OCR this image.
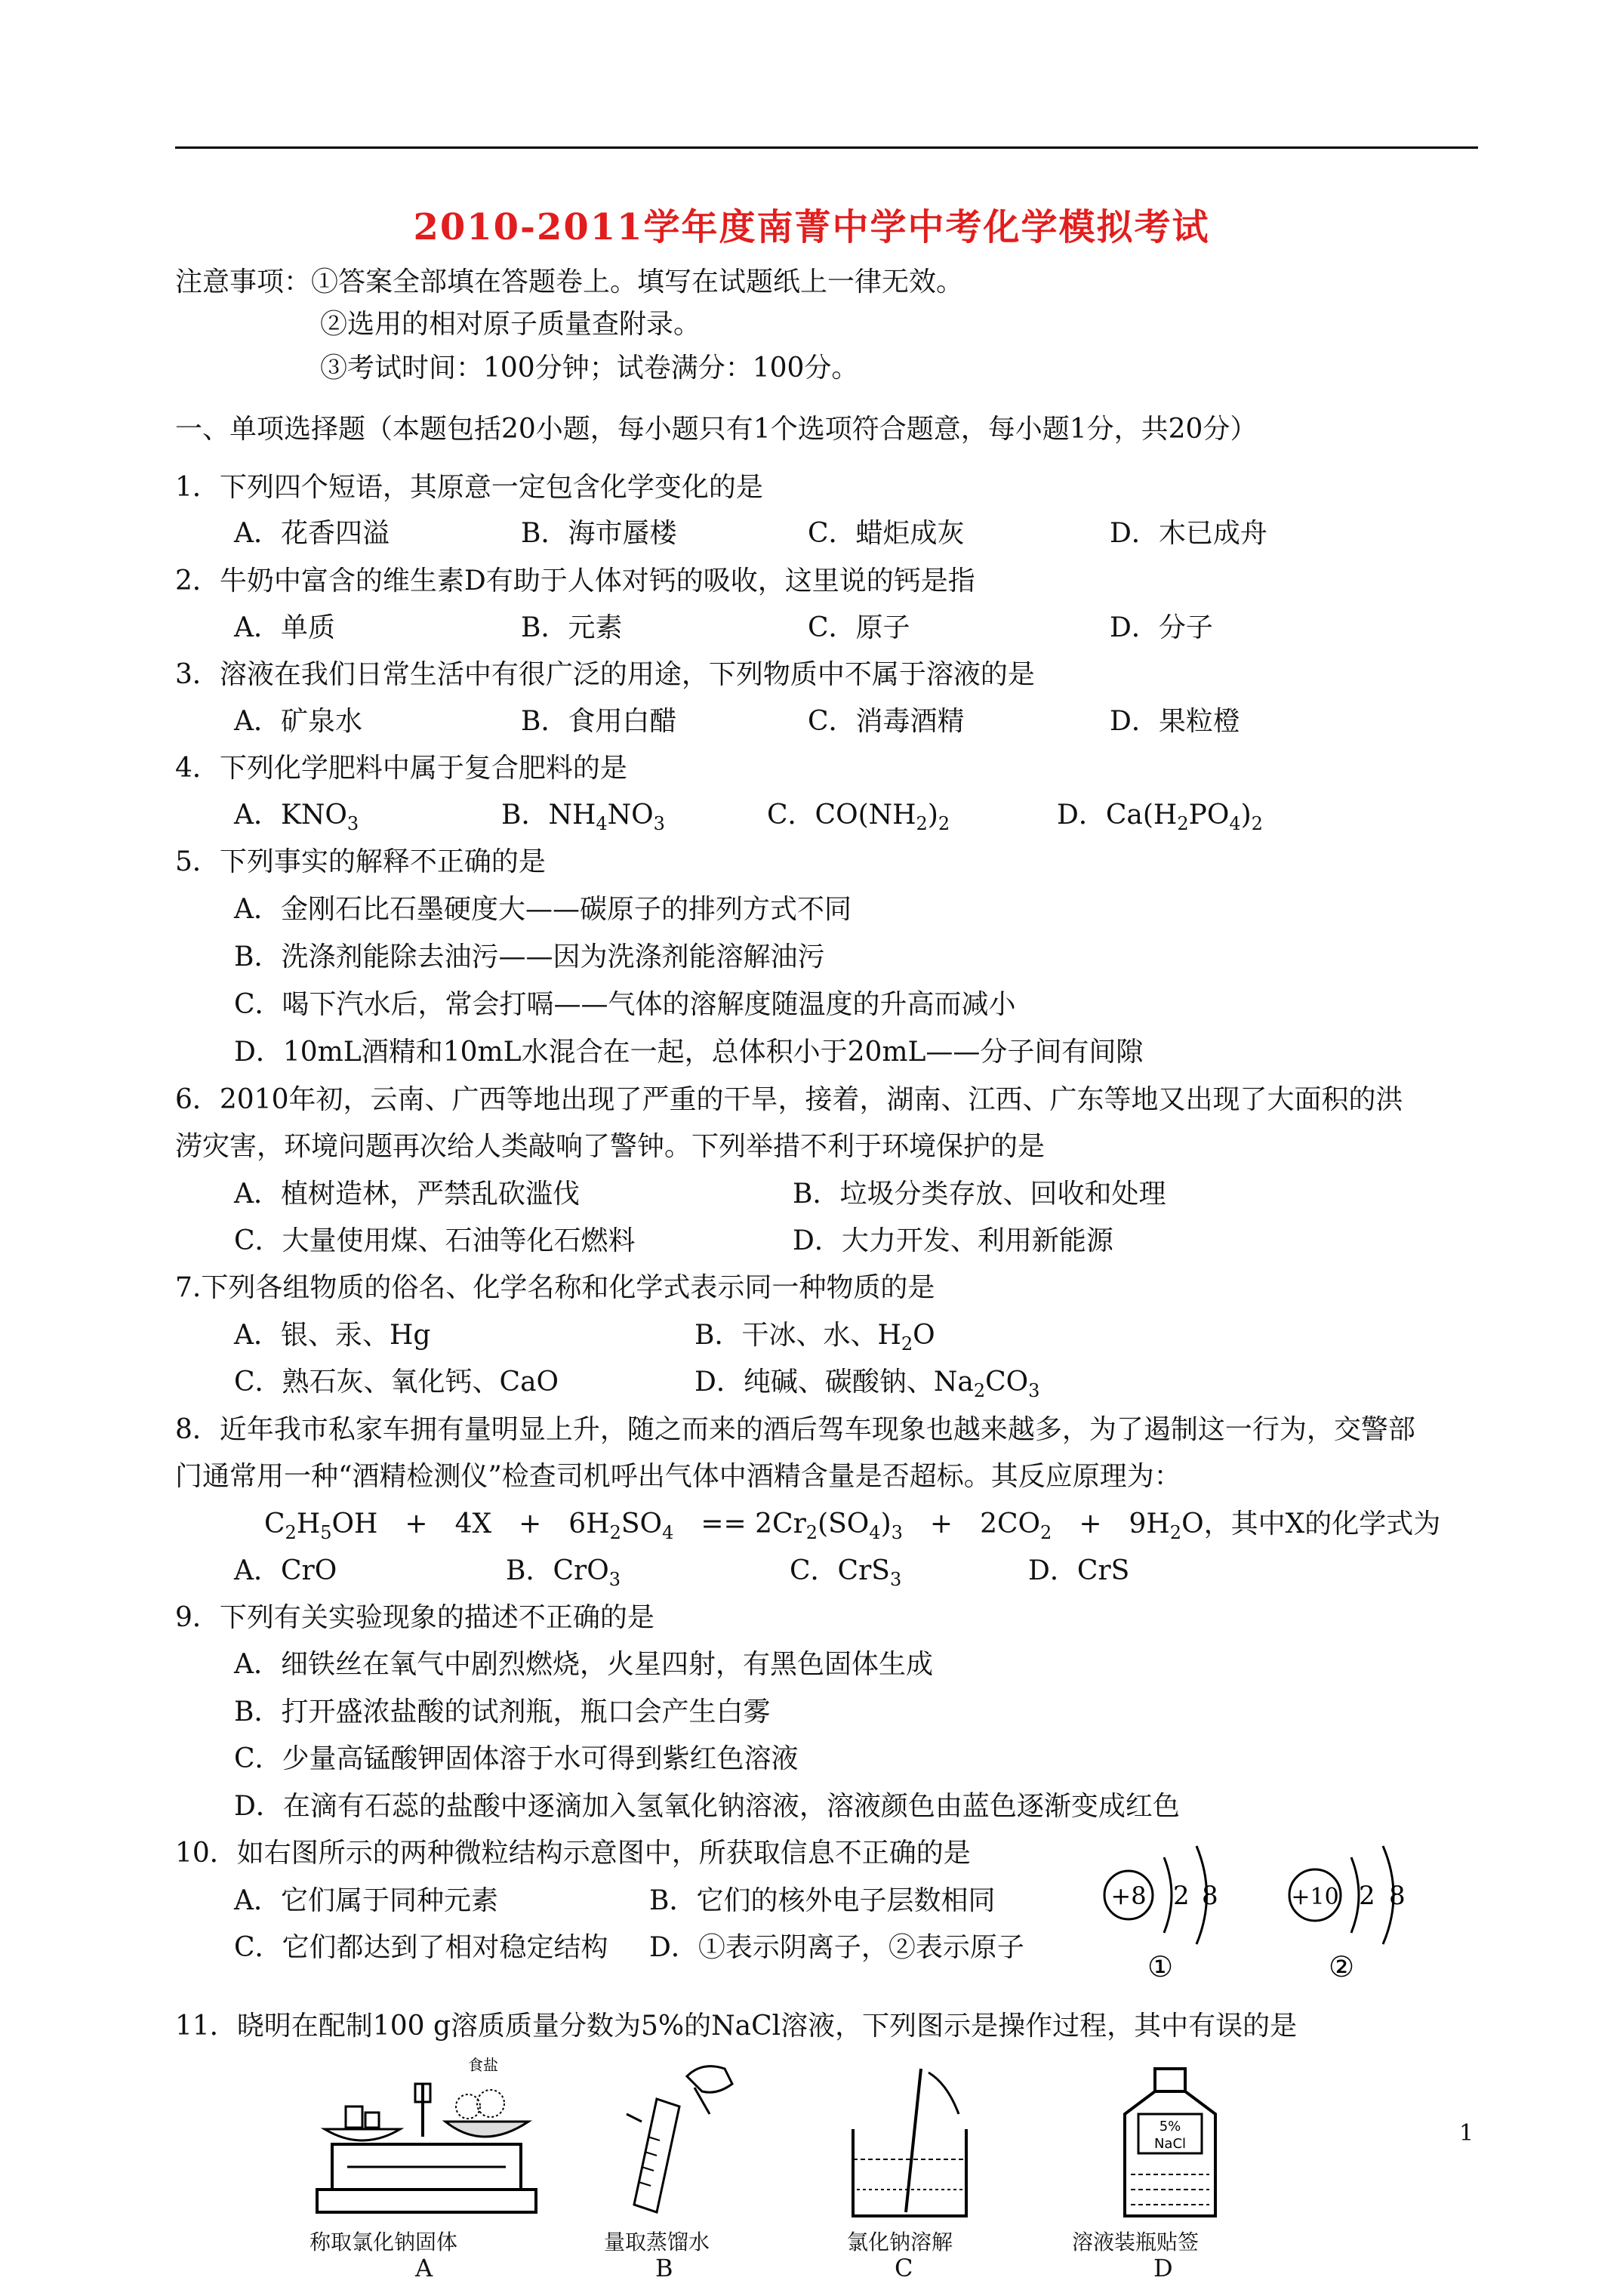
2010-2011学年度南菁中学中考化学模拟考试
注意事项：①答案全部填在答题卷上。填写在试题纸上一律无效。
②选用的相对原子质量查附录。
③考试时间：100分钟；试卷满分：100分。
一、单项选择题（本题包括20小题，每小题只有1个选项符合题意，每小题1分，共20分）
1．下列四个短语，其原意一定包含化学变化的是
A．花香四溢	B．海市蜃楼	C．蜡炬成灰	D．木已成舟
2．牛奶中富含的维生素D有助于人体对钙的吸收，这里说的钙是指
A．单质	B．元素	C．原子	D．分子
3．溶液在我们日常生活中有很广泛的用途，下列物质中不属于溶液的是
A．矿泉水	B．食用白醋	C．消毒酒精	D．果粒橙
4．下列化学肥料中属于复合肥料的是
A．$KNO_3$	B．$NH_4NO_3$	C．$CO(NH_2)_2$	D．$Ca(H_2PO_4)_2$
5．下列事实的解释不正确的是
A．金刚石比石墨硬度大——碳原子的排列方式不同
B．洗涤剂能除去油污——因为洗涤剂能溶解油污
C．喝下汽水后，常会打嗝——气体的溶解度随温度的升高而减小
D．10mL酒精和10mL水混合在一起，总体积小于20mL——分子间有间隙
6．2010年初，云南、广西等地出现了严重的干旱，接着，湖南、江西、广东等地又出现了大面积的洪
涝灾害，环境问题再次给人类敲响了警钟。下列举措不利于环境保护的是
A．植树造林，严禁乱砍滥伐	B．垃圾分类存放、回收和处理
C．大量使用煤、石油等化石燃料	D．大力开发、利用新能源
7.下列各组物质的俗名、化学名称和化学式表示同一种物质的是
A．银、汞、Hg	B．干冰、水、$H_2O$
C．熟石灰、氧化钙、CaO	D．纯碱、碳酸钠、$Na_2CO_3$
8．近年我市私家车拥有量明显上升，随之而来的酒后驾车现象也越来越多，为了遏制这一行为，交警部
门通常用一种“酒精检测仪”检查司机呼出气体中酒精含量是否超标。其反应原理为：
$C_2H_5OH$　+　4X　+　$6H_2SO_4$　== $2Cr_2(SO_4)_3$　+　$2CO_2$　+　$9H_2O$，其中X的化学式为
A．CrO	B．CrO$_3$	C．CrS$_3$	D．CrS
9．下列有关实验现象的描述不正确的是
A．细铁丝在氧气中剧烈燃烧，火星四射，有黑色固体生成
B．打开盛浓盐酸的试剂瓶，瓶口会产生白雾
C．少量高锰酸钾固体溶于水可得到紫红色溶液
D．在滴有石蕊的盐酸中逐滴加入氢氧化钠溶液，溶液颜色由蓝色逐渐变成红色
10．如右图所示的两种微粒结构示意图中，所获取信息不正确的是
A．它们属于同种元素	B．它们的核外电子层数相同
C．它们都达到了相对稳定结构 D．①表示阴离子，②表示原子
+8 2 8
①
+10 2 8
②
11．晓明在配制100 g溶质质量分数为5%的NaCl溶液，下列图示是操作过程，其中有误的是
食盐
称取氯化钠固体
A
量取蒸馏水
B
氯化钠溶解
C
5%
NaCl
溶液装瓶贴签
D
1
